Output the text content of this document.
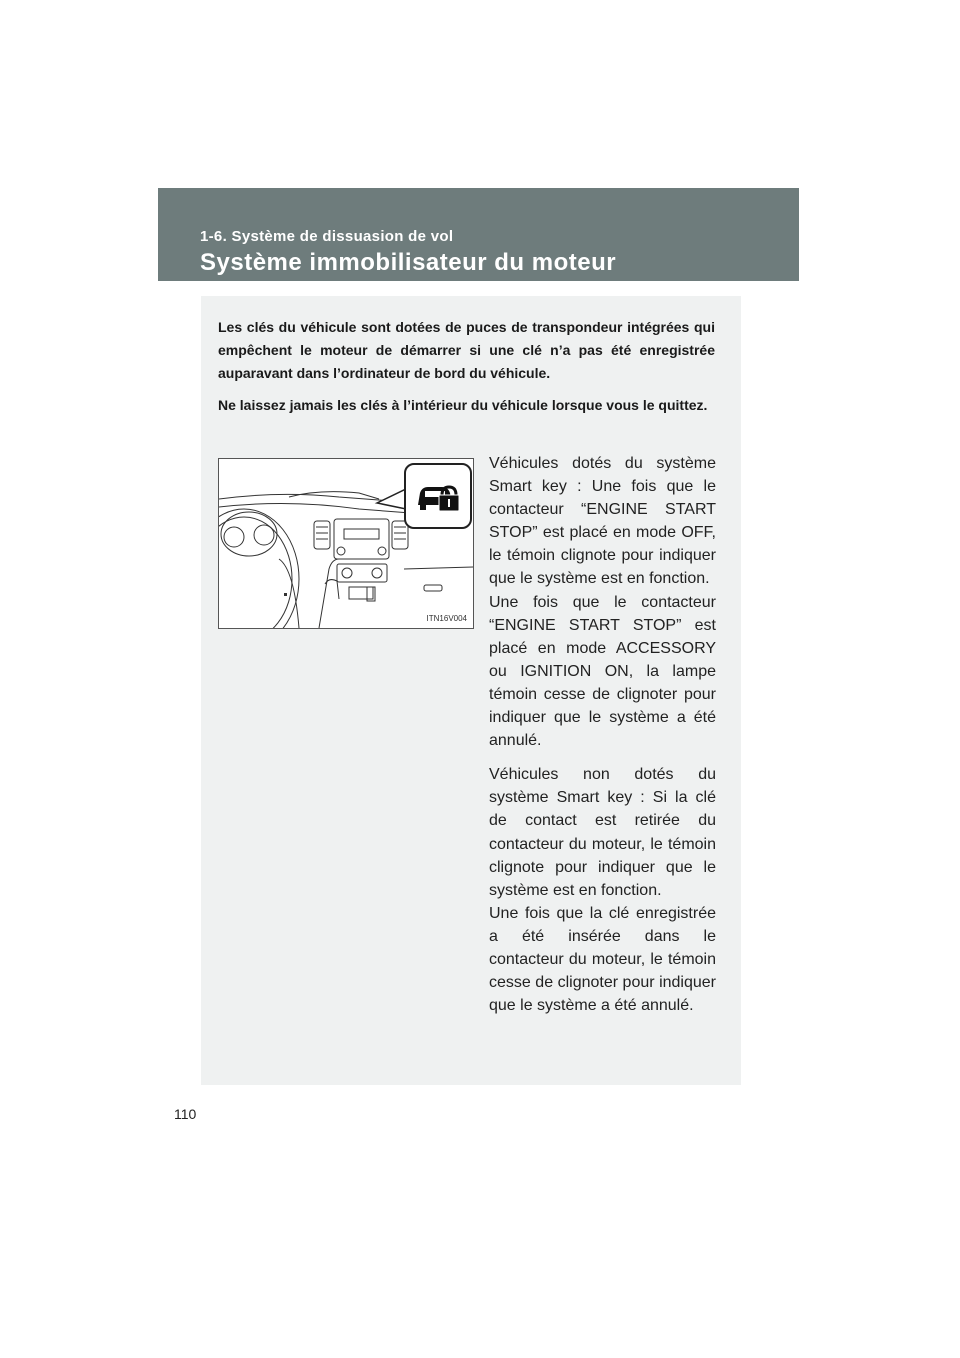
1-6. Système de dissuasion de vol
Système immobilisateur du moteur

Les clés du véhicule sont dotées de puces de transpondeur intégrées qui empêchent le moteur de démarrer si une clé n’a pas été enregistrée auparavant dans l’ordinateur de bord du véhicule.

Ne laissez jamais les clés à l’intérieur du véhicule lorsque vous le quittez.

ITN16V004

Véhicules dotés du système Smart key : Une fois que le contacteur “ENGINE START STOP” est placé en mode OFF, le témoin clignote pour indiquer que le système est en fonction.

Une fois que le contacteur “ENGINE START STOP” est placé en mode ACCESSORY ou IGNITION ON, la lampe témoin cesse de clignoter pour indiquer que le système a été annulé.

Véhicules non dotés du système Smart key : Si la clé de contact est retirée du contacteur du moteur, le témoin clignote pour indiquer que le système est en fonction.

Une fois que la clé enregistrée a été insérée dans le contacteur du moteur, le témoin cesse de clignoter pour indiquer que le système a été annulé.

110
